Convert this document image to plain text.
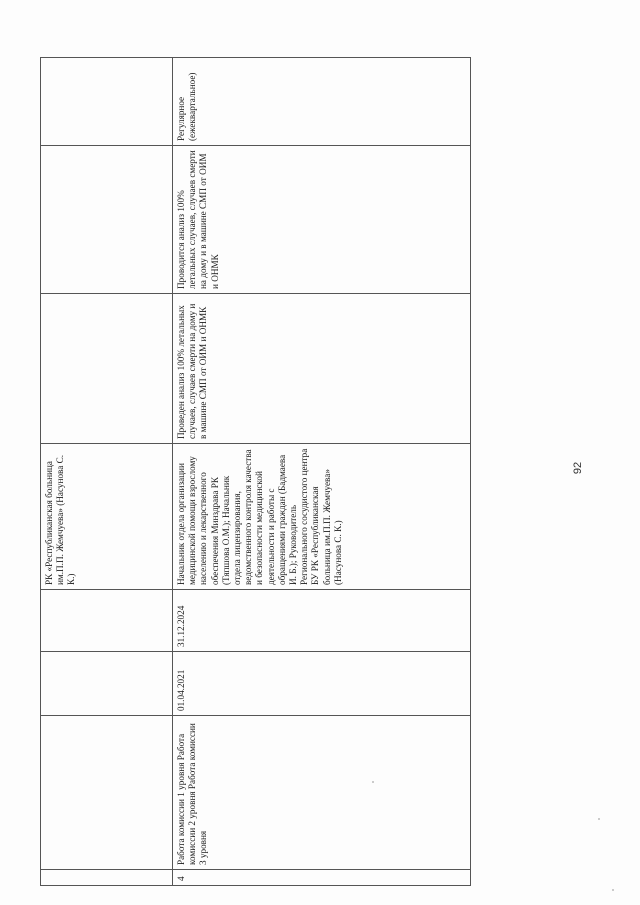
				РК «Республиканская больница им.П.П. Жемчуева» (Насунова С. К.)			
4	Работа комиссии 1 уровня Работа комиссии 2 уровня Работа комиссии 3 уровня	01.04.2021	31.12.2024	Начальник отдела организации медицинской помощи взрослому населению и лекарственного обеспечения Минздрава РК (Тяпшова О.М.); Начальник отдела лицензирования, ведомственного контроля качества и безопасности медицинской деятельности и работы с обращениями граждан (Бадмаева И. Б.); Руководитель Регионального сосудистого центра БУ РК «Республиканская больница им.П.П. Жемчуева» (Насунова С. К.)	Проведен анализ 100% летальных случаев, случаев смерти на дому и в машине СМП от ОИМ и ОНМК	Проводится анализ 100% летальных случаев, случаев смерти на дому и в машине СМП от ОИМ и ОНМК	Регулярное (ежеквартальное)
92
